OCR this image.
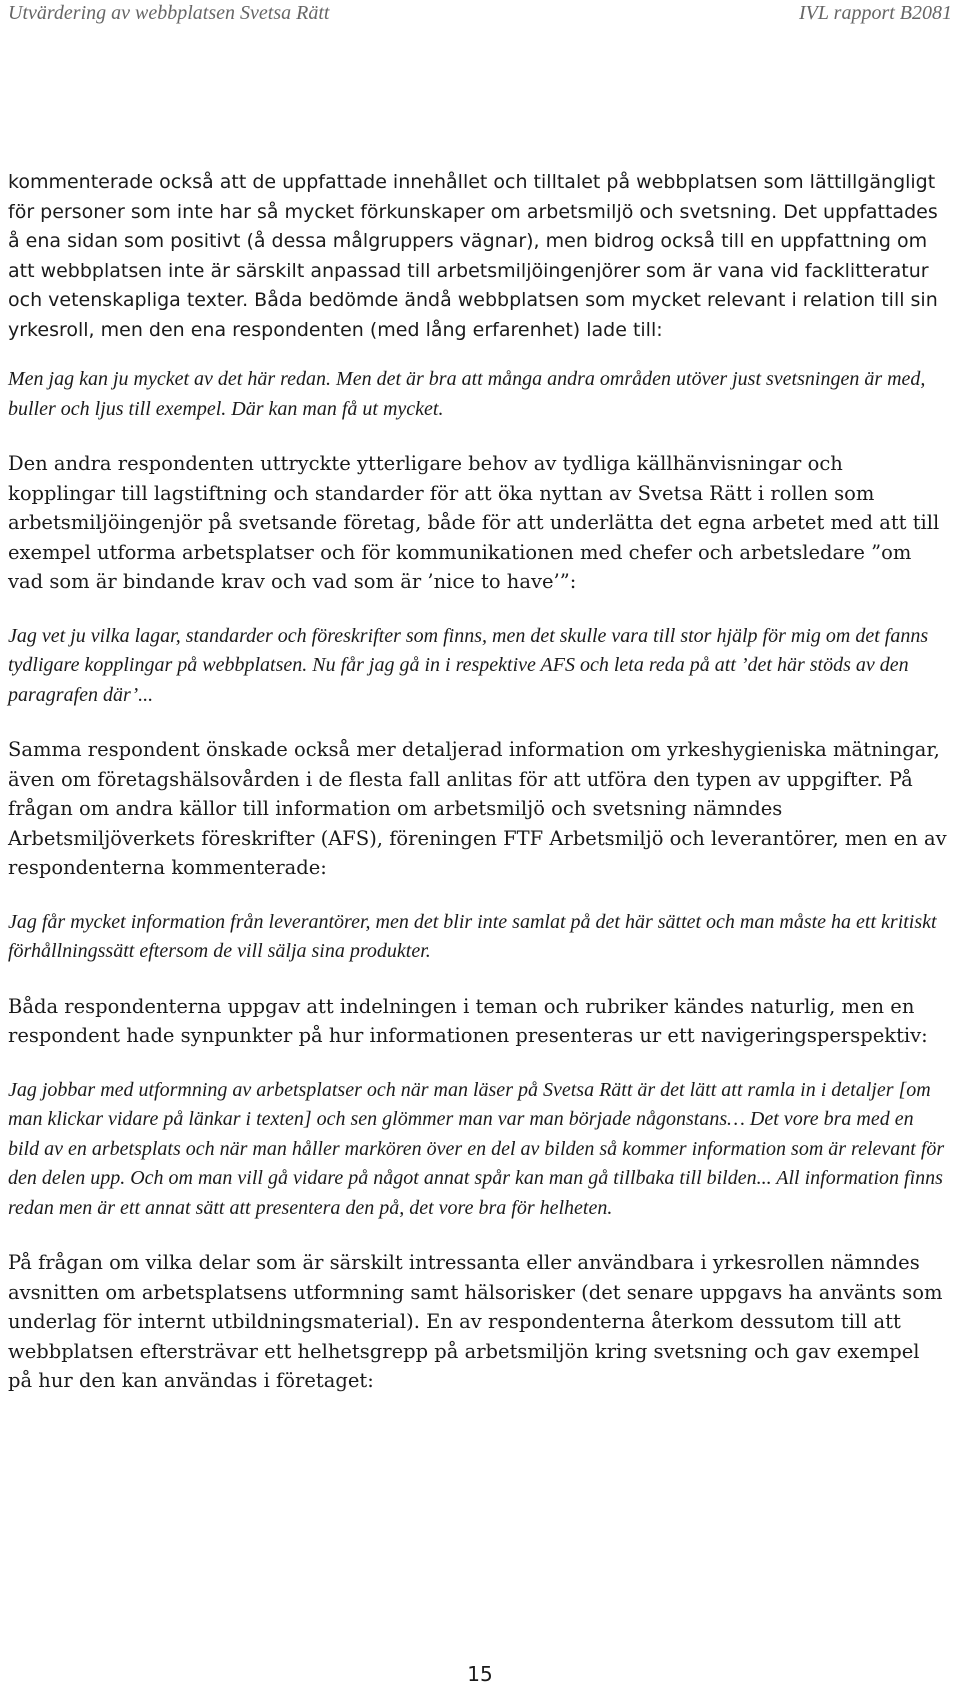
Utvärdering av webbplatsen Svetsa Rätt	IVL rapport B2081

kommenterade också att de uppfattade innehållet och tilltalet på webbplatsen som lättillgängligt för personer som inte har så mycket förkunskaper om arbetsmiljö och svetsning. Det uppfattades å ena sidan som positivt (å dessa målgruppers vägnar), men bidrog också till en uppfattning om att webbplatsen inte är särskilt anpassad till arbetsmiljöingenjörer som är vana vid facklitteratur och vetenskapliga texter. Båda bedömde ändå webbplatsen som mycket relevant i relation till sin yrkesroll, men den ena respondenten (med lång erfarenhet) lade till:

Men jag kan ju mycket av det här redan. Men det är bra att många andra områden utöver just svetsningen är med, buller och ljus till exempel. Där kan man få ut mycket.

Den andra respondenten uttryckte ytterligare behov av tydliga källhänvisningar och kopplingar till lagstiftning och standarder för att öka nyttan av Svetsa Rätt i rollen som arbetsmiljöingenjör på svetsande företag, både för att underlätta det egna arbetet med att till exempel utforma arbetsplatser och för kommunikationen med chefer och arbetsledare ”om vad som är bindande krav och vad som är ’nice to have’”:

Jag vet ju vilka lagar, standarder och föreskrifter som finns, men det skulle vara till stor hjälp för mig om det fanns tydligare kopplingar på webbplatsen. Nu får jag gå in i respektive AFS och leta reda på att ’det här stöds av den paragrafen där’...

Samma respondent önskade också mer detaljerad information om yrkeshygieniska mätningar, även om företagshälsovården i de flesta fall anlitas för att utföra den typen av uppgifter. På frågan om andra källor till information om arbetsmiljö och svetsning nämndes Arbetsmiljöverkets föreskrifter (AFS), föreningen FTF Arbetsmiljö och leverantörer, men en av respondenterna kommenterade:

Jag får mycket information från leverantörer, men det blir inte samlat på det här sättet och man måste ha ett kritiskt förhållningssätt eftersom de vill sälja sina produkter.

Båda respondenterna uppgav att indelningen i teman och rubriker kändes naturlig, men en respondent hade synpunkter på hur informationen presenteras ur ett navigeringsperspektiv:

Jag jobbar med utformning av arbetsplatser och när man läser på Svetsa Rätt är det lätt att ramla in i detaljer [om man klickar vidare på länkar i texten] och sen glömmer man var man började någonstans… Det vore bra med en bild av en arbetsplats och när man håller markören över en del av bilden så kommer information som är relevant för den delen upp. Och om man vill gå vidare på något annat spår kan man gå tillbaka till bilden... All information finns redan men är ett annat sätt att presentera den på, det vore bra för helheten.

På frågan om vilka delar som är särskilt intressanta eller användbara i yrkesrollen nämndes avsnitten om arbetsplatsens utformning samt hälsorisker (det senare uppgavs ha använts som underlag för internt utbildningsmaterial). En av respondenterna återkom dessutom till att webbplatsen eftersträvar ett helhetsgrepp på arbetsmiljön kring svetsning och gav exempel på hur den kan användas i företaget:

15
